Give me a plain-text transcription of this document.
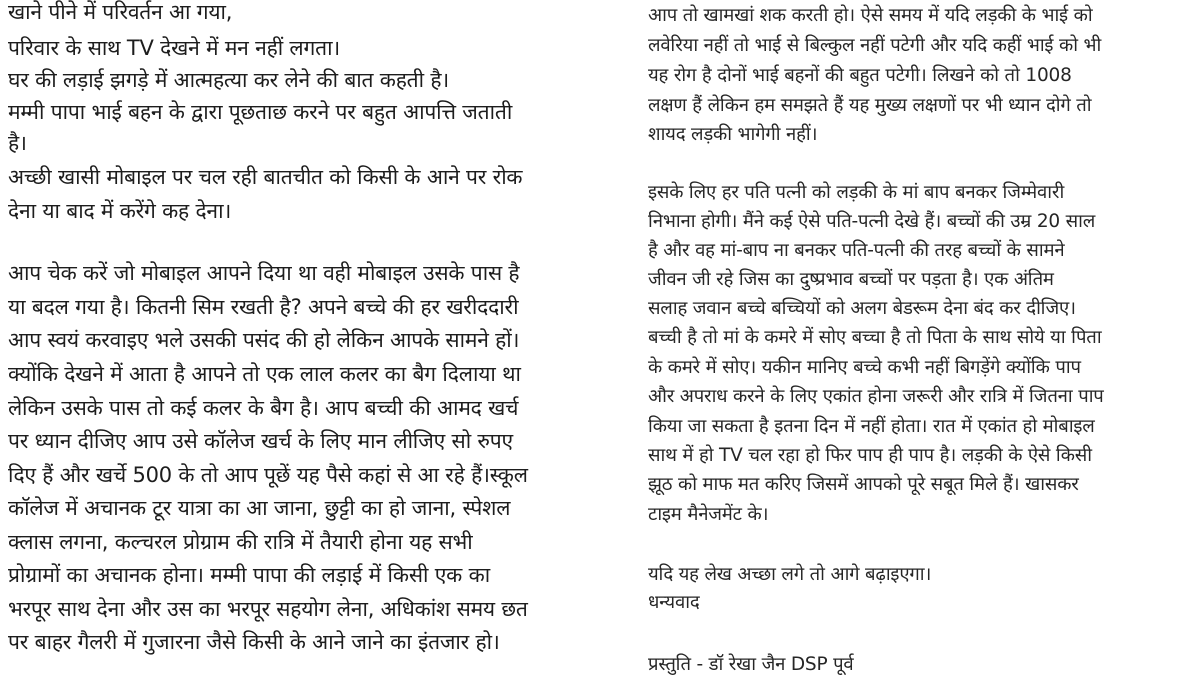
खाने पीने में परिवर्तन आ गया,
परिवार के साथ TV देखने में मन नहीं लगता।
घर की लड़ाई झगड़े में आत्महत्या कर लेने की बात कहती है।
मम्मी पापा भाई बहन के द्वारा पूछताछ करने पर बहुत आपत्ति जताती
है।
अच्छी खासी मोबाइल पर चल रही बातचीत को किसी के आने पर रोक
देना या बाद में करेंगे कह देना।
आप चेक करें जो मोबाइल आपने दिया था वही मोबाइल उसके पास है
या बदल गया है। कितनी सिम रखती है? अपने बच्चे की हर खरीददारी
आप स्वयं करवाइए भले उसकी पसंद की हो लेकिन आपके सामने हों।
क्योंकि देखने में आता है आपने तो एक लाल कलर का बैग दिलाया था
लेकिन उसके पास तो कई कलर के बैग है। आप बच्ची की आमद खर्च
पर ध्यान दीजिए आप उसे कॉलेज खर्च के लिए मान लीजिए सो रुपए
दिए हैं और खर्चे 500 के तो आप पूछें यह पैसे कहां से आ रहे हैं।स्कूल
कॉलेज में अचानक टूर यात्रा का आ जाना, छुट्टी का हो जाना, स्पेशल
क्लास लगना, कल्चरल प्रोग्राम की रात्रि में तैयारी होना यह सभी
प्रोग्रामों का अचानक होना। मम्मी पापा की लड़ाई में किसी एक का
भरपूर साथ देना और उस का भरपूर सहयोग लेना, अधिकांश समय छत
पर बाहर गैलरी में गुजारना जैसे किसी के आने जाने का इंतजार हो।
आप तो खामखां शक करती हो। ऐसे समय में यदि लड़की के भाई को
लवेरिया नहीं तो भाई से बिल्कुल नहीं पटेगी और यदि कहीं भाई को भी
यह रोग है दोनों भाई बहनों की बहुत पटेगी। लिखने को तो 1008
लक्षण हैं लेकिन हम समझते हैं यह मुख्य लक्षणों पर भी ध्यान दोगे तो
शायद लड़की भागेगी नहीं।
इसके लिए हर पति पत्नी को लड़की के मां बाप बनकर जिम्मेवारी
निभाना होगी। मैंने कई ऐसे पति-पत्नी देखे हैं। बच्चों की उम्र 20 साल
है और वह मां-बाप ना बनकर पति-पत्नी की तरह बच्चों के सामने
जीवन जी रहे जिस का दुष्प्रभाव बच्चों पर पड़ता है। एक अंतिम
सलाह जवान बच्चे बच्चियों को अलग बेडरूम देना बंद कर दीजिए।
बच्ची है तो मां के कमरे में सोए बच्चा है तो पिता के साथ सोये या पिता
के कमरे में सोए। यकीन मानिए बच्चे कभी नहीं बिगड़ेंगे क्योंकि पाप
और अपराध करने के लिए एकांत होना जरूरी और रात्रि में जितना पाप
किया जा सकता है इतना दिन में नहीं होता। रात में एकांत हो मोबाइल
साथ में हो TV चल रहा हो फिर पाप ही पाप है। लड़की के ऐसे किसी
झूठ को माफ मत करिए जिसमें आपको पूरे सबूत मिले हैं। खासकर
टाइम मैनेजमेंट के।
यदि यह लेख अच्छा लगे तो आगे बढ़ाइएगा।
धन्यवाद
प्रस्तुति - डॉ रेखा जैन DSP पूर्व
